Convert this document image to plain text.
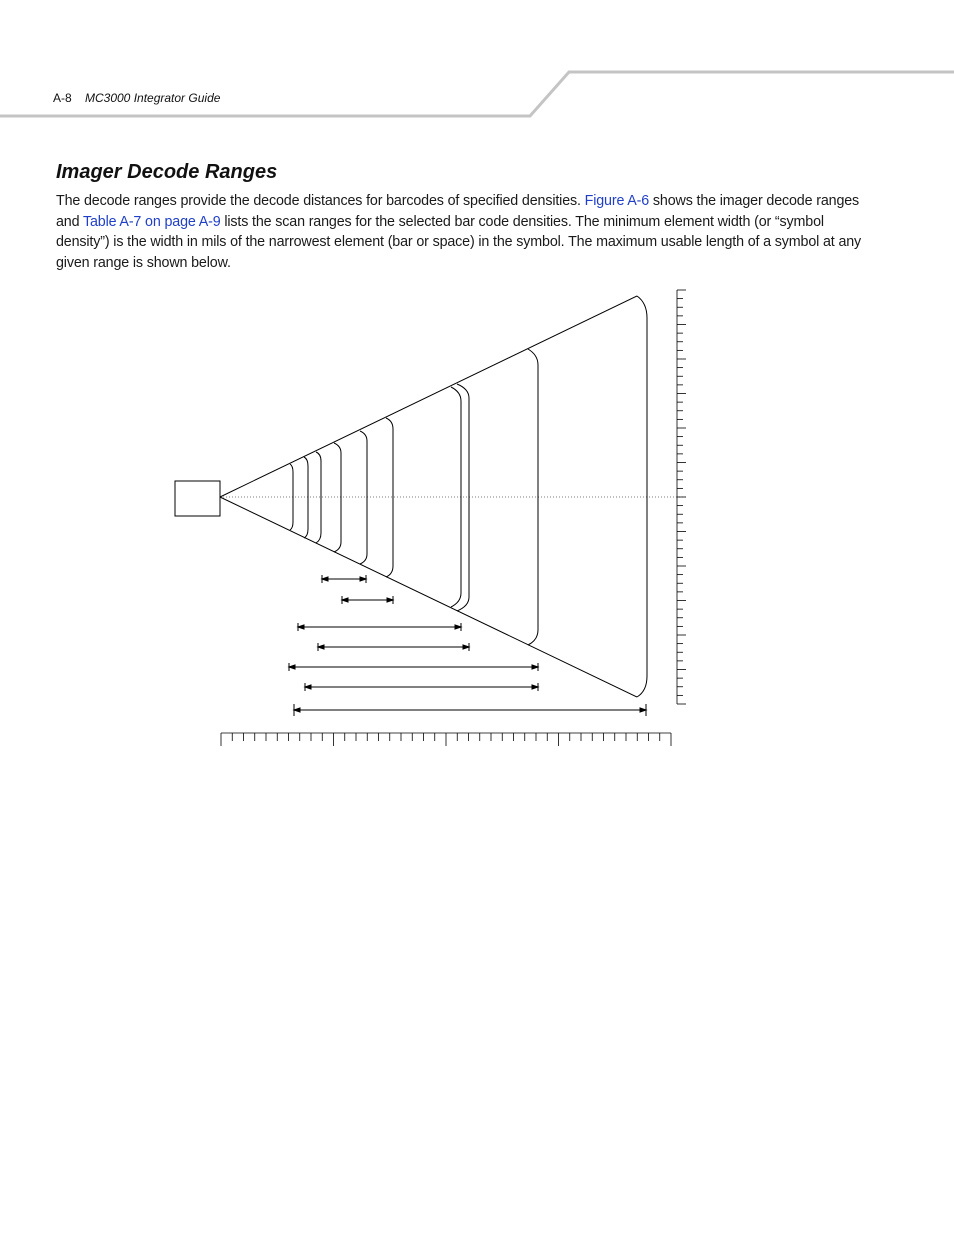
A-8 MC3000 Integrator Guide
Imager Decode Ranges

The decode ranges provide the decode distances for barcodes of specified densities. Figure A-6 shows the imager decode ranges and Table A-7 on page A-9 lists the scan ranges for the selected bar code densities. The minimum element width (or “symbol density”) is the width in mils of the narrowest element (bar or space) in the symbol. The maximum usable length of a symbol at any given range is shown below.
